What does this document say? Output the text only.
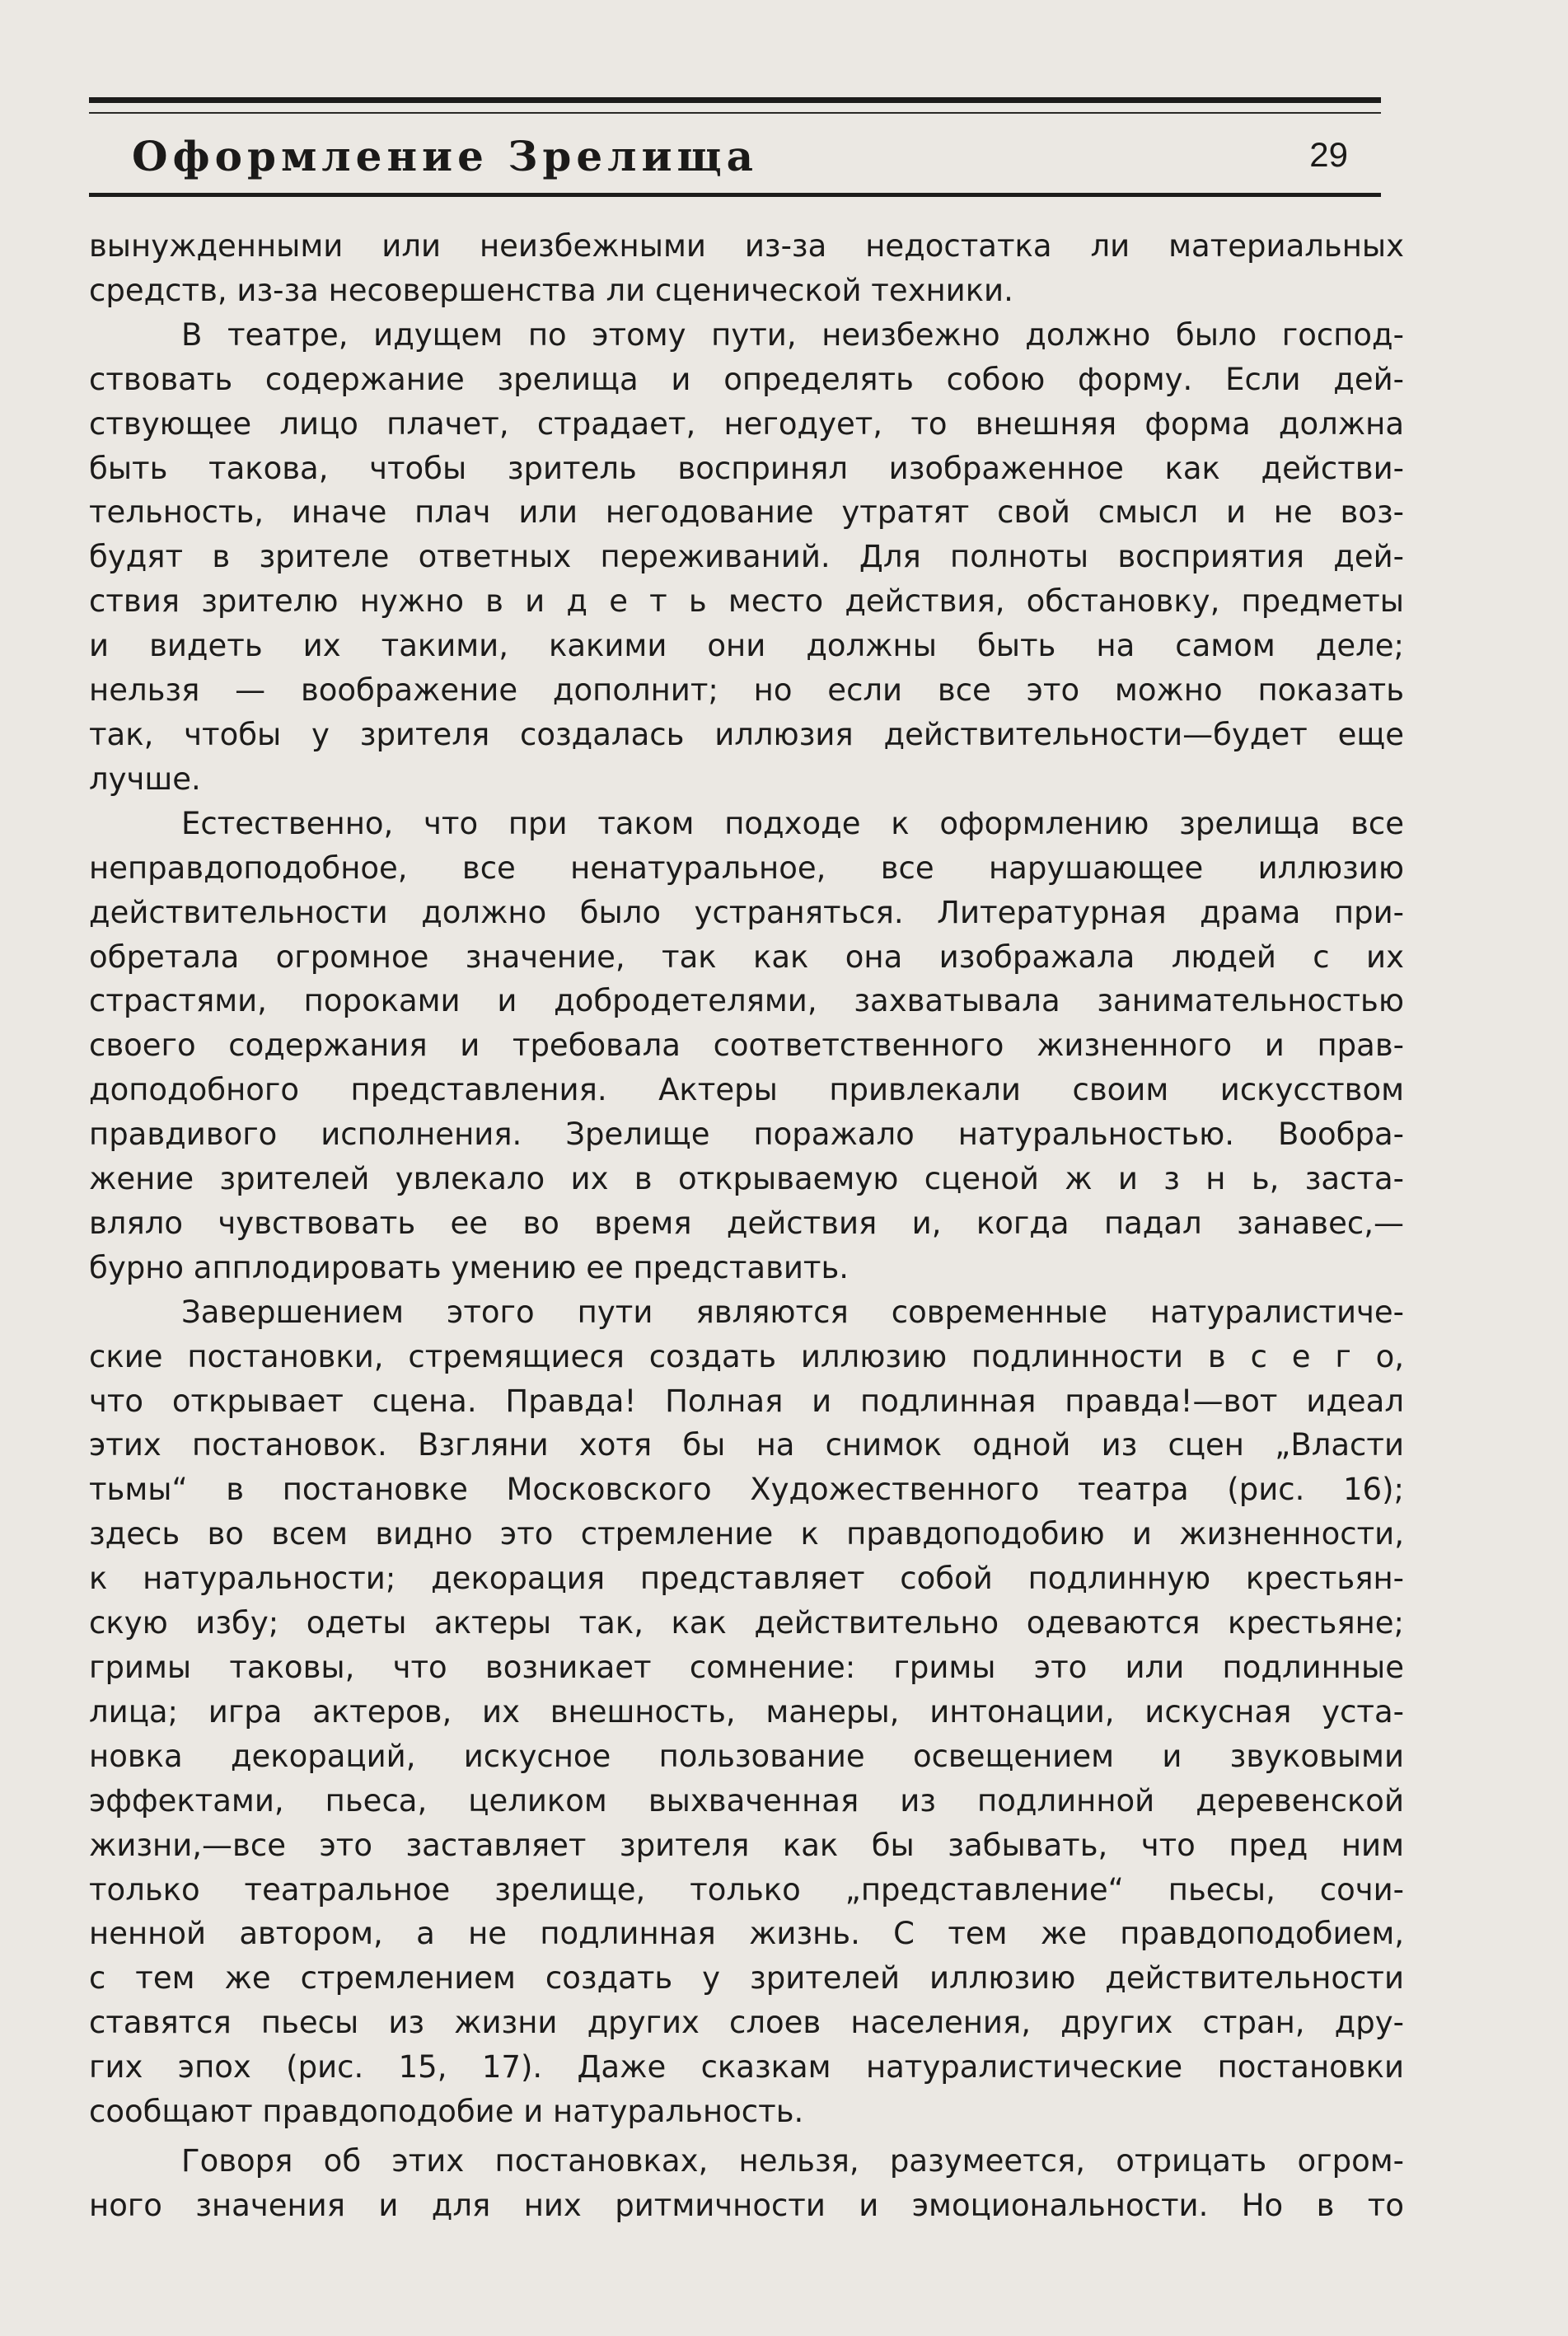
Оформление Зрелища	29

вынужденными или неизбежными из-за недостатка ли материальных
средств, из-за несовершенства ли сценической техники.

В театре, идущем по этому пути, неизбежно должно было господ-
ствовать содержание зрелища и определять собою форму. Если дей-
ствующее лицо плачет, страдает, негодует, то внешняя форма должна
быть такова, чтобы зритель воспринял изображенное как действи-
тельность, иначе плач или негодование утратят свой смысл и не воз-
будят в зрителе ответных переживаний. Для полноты восприятия дей-
ствия зрителю нужно в и д е т ь место действия, обстановку, предметы
и видеть их такими, какими они должны быть на самом деле;
нельзя — воображение дополнит; но если все это можно показать
так, чтобы у зрителя создалась иллюзия действительности—будет еще
лучше.

Естественно, что при таком подходе к оформлению зрелища все
неправдоподобное, все ненатуральное, все нарушающее иллюзию
действительности должно было устраняться. Литературная драма при-
обретала огромное значение, так как она изображала людей с их
страстями, пороками и добродетелями, захватывала занимательностью
своего содержания и требовала соответственного жизненного и прав-
доподобного представления. Актеры привлекали своим искусством
правдивого исполнения. Зрелище поражало натуральностью. Вообра-
жение зрителей увлекало их в открываемую сценой ж и з н ь, заста-
вляло чувствовать ее во время действия и, когда падал занавес,—
бурно апплодировать умению ее представить.

Завершением этого пути являются современные натуралистиче-
ские постановки, стремящиеся создать иллюзию подлинности в с е г о,
что открывает сцена. Правда! Полная и подлинная правда!—вот идеал
этих постановок. Взгляни хотя бы на снимок одной из сцен „Власти
тьмы“ в постановке Московского Художественного театра (рис. 16);
здесь во всем видно это стремление к правдоподобию и жизненности,
к натуральности; декорация представляет собой подлинную крестьян-
скую избу; одеты актеры так, как действительно одеваются крестьяне;
гримы таковы, что возникает сомнение: гримы это или подлинные
лица; игра актеров, их внешность, манеры, интонации, искусная уста-
новка декораций, искусное пользование освещением и звуковыми
эффектами, пьеса, целиком выхваченная из подлинной деревенской
жизни,—все это заставляет зрителя как бы забывать, что пред ним
только театральное зрелище, только „представление“ пьесы, сочи-
ненной автором, а не подлинная жизнь. С тем же правдоподобием,
с тем же стремлением создать у зрителей иллюзию действительности
ставятся пьесы из жизни других слоев населения, других стран, дру-
гих эпох (рис. 15, 17). Даже сказкам натуралистические постановки
сообщают правдоподобие и натуральность.

Говоря об этих постановках, нельзя, разумеется, отрицать огром-
ного значения и для них ритмичности и эмоциональности. Но в то
